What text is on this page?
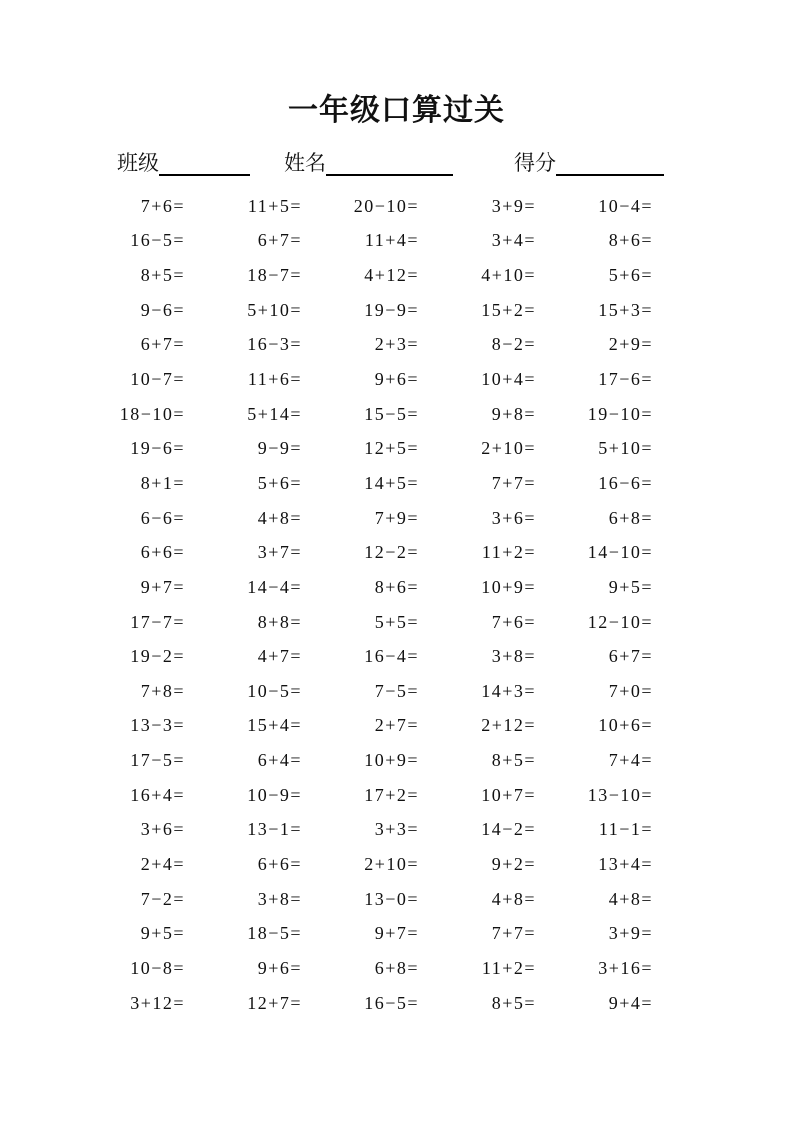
一年级口算过关
班级	姓名	得分
7+6=	11+5=	20−10=	3+9=	10−4=
16−5=	6+7=	11+4=	3+4=	8+6=
8+5=	18−7=	4+12=	4+10=	5+6=
9−6=	5+10=	19−9=	15+2=	15+3=
6+7=	16−3=	2+3=	8−2=	2+9=
10−7=	11+6=	9+6=	10+4=	17−6=
18−10=	5+14=	15−5=	9+8=	19−10=
19−6=	9−9=	12+5=	2+10=	5+10=
8+1=	5+6=	14+5=	7+7=	16−6=
6−6=	4+8=	7+9=	3+6=	6+8=
6+6=	3+7=	12−2=	11+2=	14−10=
9+7=	14−4=	8+6=	10+9=	9+5=
17−7=	8+8=	5+5=	7+6=	12−10=
19−2=	4+7=	16−4=	3+8=	6+7=
7+8=	10−5=	7−5=	14+3=	7+0=
13−3=	15+4=	2+7=	2+12=	10+6=
17−5=	6+4=	10+9=	8+5=	7+4=
16+4=	10−9=	17+2=	10+7=	13−10=
3+6=	13−1=	3+3=	14−2=	11−1=
2+4=	6+6=	2+10=	9+2=	13+4=
7−2=	3+8=	13−0=	4+8=	4+8=
9+5=	18−5=	9+7=	7+7=	3+9=
10−8=	9+6=	6+8=	11+2=	3+16=
3+12=	12+7=	16−5=	8+5=	9+4=
